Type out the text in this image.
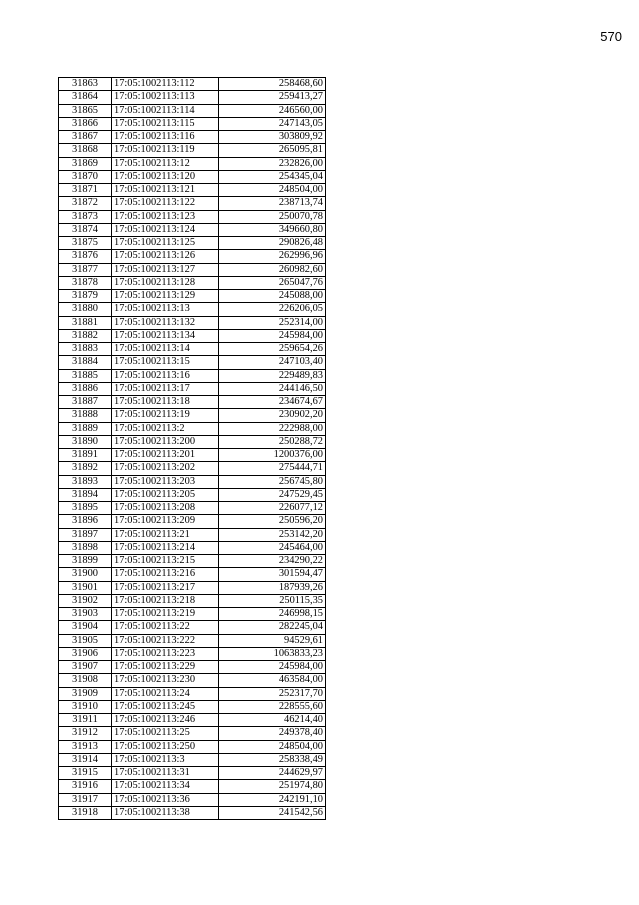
570
31863	17:05:1002113:112	258468,60
31864	17:05:1002113:113	259413,27
31865	17:05:1002113:114	246560,00
31866	17:05:1002113:115	247143,05
31867	17:05:1002113:116	303809,92
31868	17:05:1002113:119	265095,81
31869	17:05:1002113:12	232826,00
31870	17:05:1002113:120	254345,04
31871	17:05:1002113:121	248504,00
31872	17:05:1002113:122	238713,74
31873	17:05:1002113:123	250070,78
31874	17:05:1002113:124	349660,80
31875	17:05:1002113:125	290826,48
31876	17:05:1002113:126	262996,96
31877	17:05:1002113:127	260982,60
31878	17:05:1002113:128	265047,76
31879	17:05:1002113:129	245088,00
31880	17:05:1002113:13	226206,05
31881	17:05:1002113:132	252314,00
31882	17:05:1002113:134	245984,00
31883	17:05:1002113:14	259654,26
31884	17:05:1002113:15	247103,40
31885	17:05:1002113:16	229489,83
31886	17:05:1002113:17	244146,50
31887	17:05:1002113:18	234674,67
31888	17:05:1002113:19	230902,20
31889	17:05:1002113:2	222988,00
31890	17:05:1002113:200	250288,72
31891	17:05:1002113:201	1200376,00
31892	17:05:1002113:202	275444,71
31893	17:05:1002113:203	256745,80
31894	17:05:1002113:205	247529,45
31895	17:05:1002113:208	226077,12
31896	17:05:1002113:209	250596,20
31897	17:05:1002113:21	253142,20
31898	17:05:1002113:214	245464,00
31899	17:05:1002113:215	234290,22
31900	17:05:1002113:216	301594,47
31901	17:05:1002113:217	187939,26
31902	17:05:1002113:218	250115,35
31903	17:05:1002113:219	246998,15
31904	17:05:1002113:22	282245,04
31905	17:05:1002113:222	94529,61
31906	17:05:1002113:223	1063833,23
31907	17:05:1002113:229	245984,00
31908	17:05:1002113:230	463584,00
31909	17:05:1002113:24	252317,70
31910	17:05:1002113:245	228555,60
31911	17:05:1002113:246	46214,40
31912	17:05:1002113:25	249378,40
31913	17:05:1002113:250	248504,00
31914	17:05:1002113:3	258338,49
31915	17:05:1002113:31	244629,97
31916	17:05:1002113:34	251974,80
31917	17:05:1002113:36	242191,10
31918	17:05:1002113:38	241542,56
